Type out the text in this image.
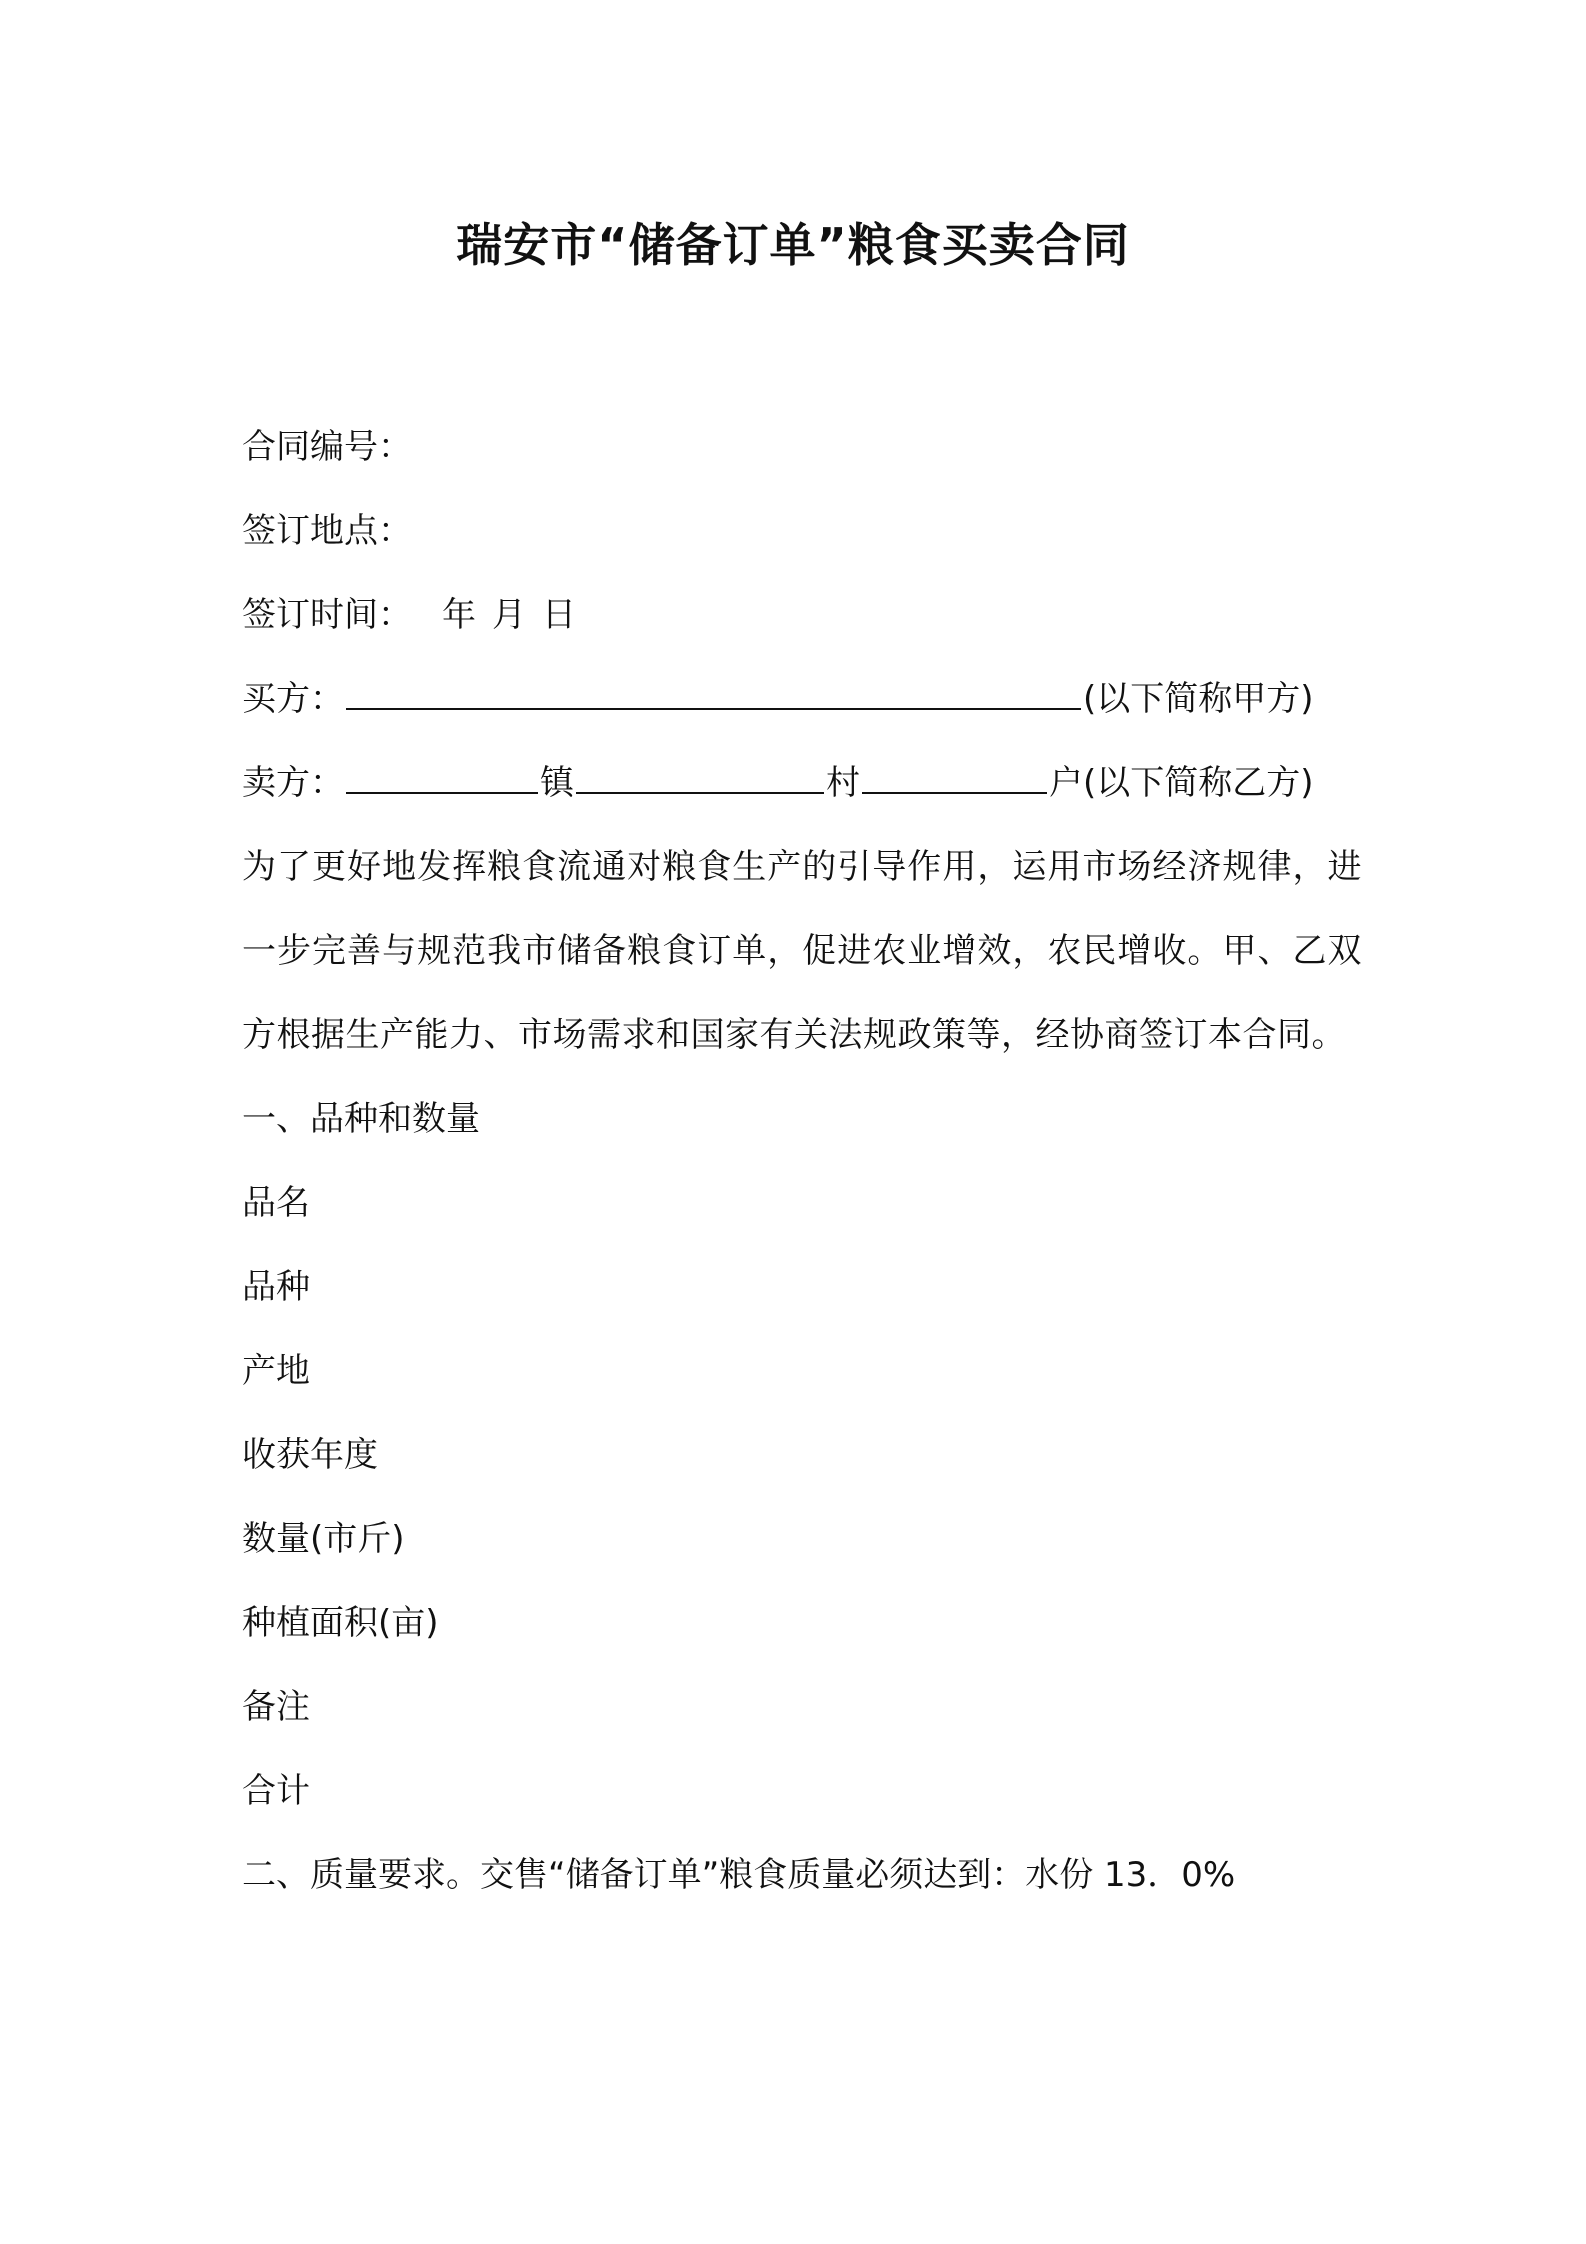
瑞安市“储备订单”粮食买卖合同
合同编号：
签订地点：
签订时间： 年 月 日
买方：	(以下简称甲方)
卖方：	镇	村	户(以下简称乙方)
为了更好地发挥粮食流通对粮食生产的引导作用，运用市场经济规律，进一步完善与规范我市储备粮食订单，促进农业增效，农民增收。甲、乙双方根据生产能力、市场需求和国家有关法规政策等，经协商签订本合同。
一、品种和数量
品名
品种
产地
收获年度
数量(市斤)
种植面积(亩)
备注
合计
二、质量要求。交售“储备订单”粮食质量必须达到：水份 13．0%
